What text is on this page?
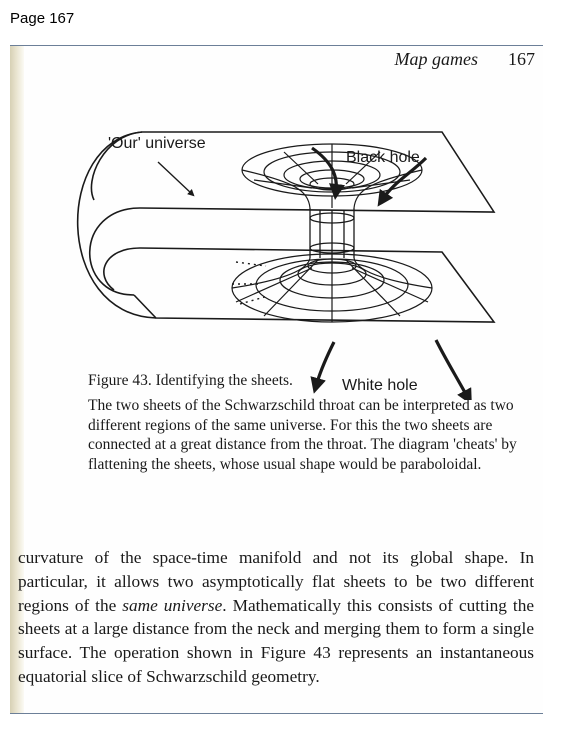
Page 167
Map games 167
'Our' universe
Black hole
White hole
Figure 43. Identifying the sheets.
The two sheets of the Schwarzschild throat can be interpreted as two different regions of the same universe. For this the two sheets are connected at a great distance from the throat. The diagram 'cheats' by flattening the sheets, whose usual shape would be paraboloidal.
curvature of the space-time manifold and not its global shape. In particular, it allows two asymptotically flat sheets to be two different regions of the same universe. Mathematically this consists of cutting the sheets at a large distance from the neck and merging them to form a single surface. The operation shown in Figure 43 represents an instantaneous equatorial slice of Schwarzschild geometry.
